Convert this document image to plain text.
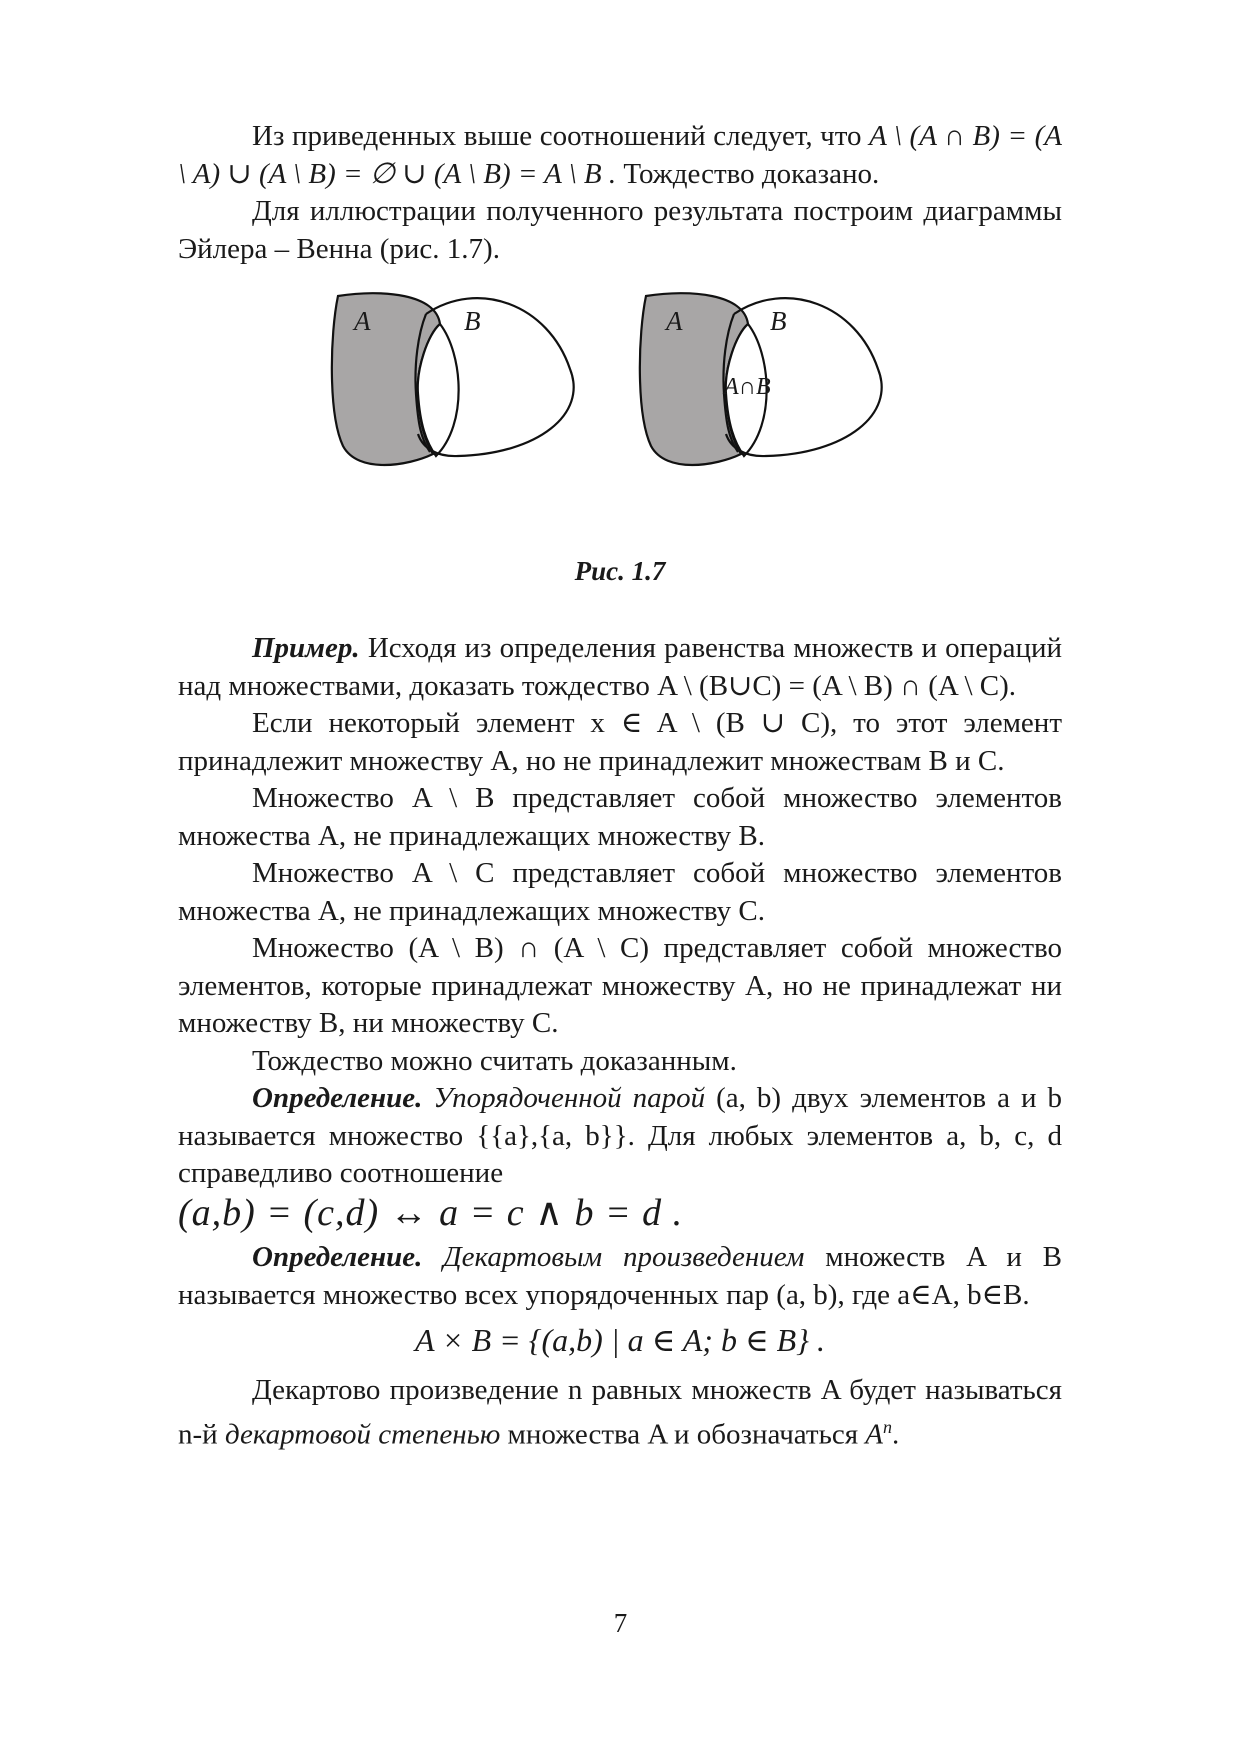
Из приведенных выше соотношений следует, что A \ (A ∩ B) = (A \ A) ∪ (A \ B) = ∅ ∪ (A \ B) = A \ B . Тождество доказано.

Для иллюстрации полученного результата построим диаграммы Эйлера – Венна (рис. 1.7).

A	B	A	B
A∩B
Рис. 1.7

Пример. Исходя из определения равенства множеств и операций над множествами, доказать тождество A \ (B∪C) = (A \ B) ∩ (A \ C).

Если некоторый элемент x ∈ A \ (B ∪ C), то этот элемент принадлежит множеству А, но не принадлежит множествам B и C.

Множество A \ B представляет собой множество элементов множества A, не принадлежащих множеству B.

Множество A \ C представляет собой множество элементов множества A, не принадлежащих множеству C.

Множество (A \ B) ∩ (A \ C) представляет собой множество элементов, которые принадлежат множеству A, но не принадлежат ни множеству B, ни множеству C.

Тождество можно считать доказанным.

Определение. Упорядоченной парой (a, b) двух элементов a и b называется множество {{a},{a, b}}. Для любых элементов a, b, c, d справедливо соотношение

(a,b) = (c,d) ↔ a = c ∧ b = d .

Определение. Декартовым произведением множеств A и B называется множество всех упорядоченных пар (a, b), где a∈A, b∈B.

A × B = {(a,b) | a ∈ A; b ∈ B} .

Декартово произведение n равных множеств A будет называться n-й декартовой степенью множества A и обозначаться $A^n$.

7
